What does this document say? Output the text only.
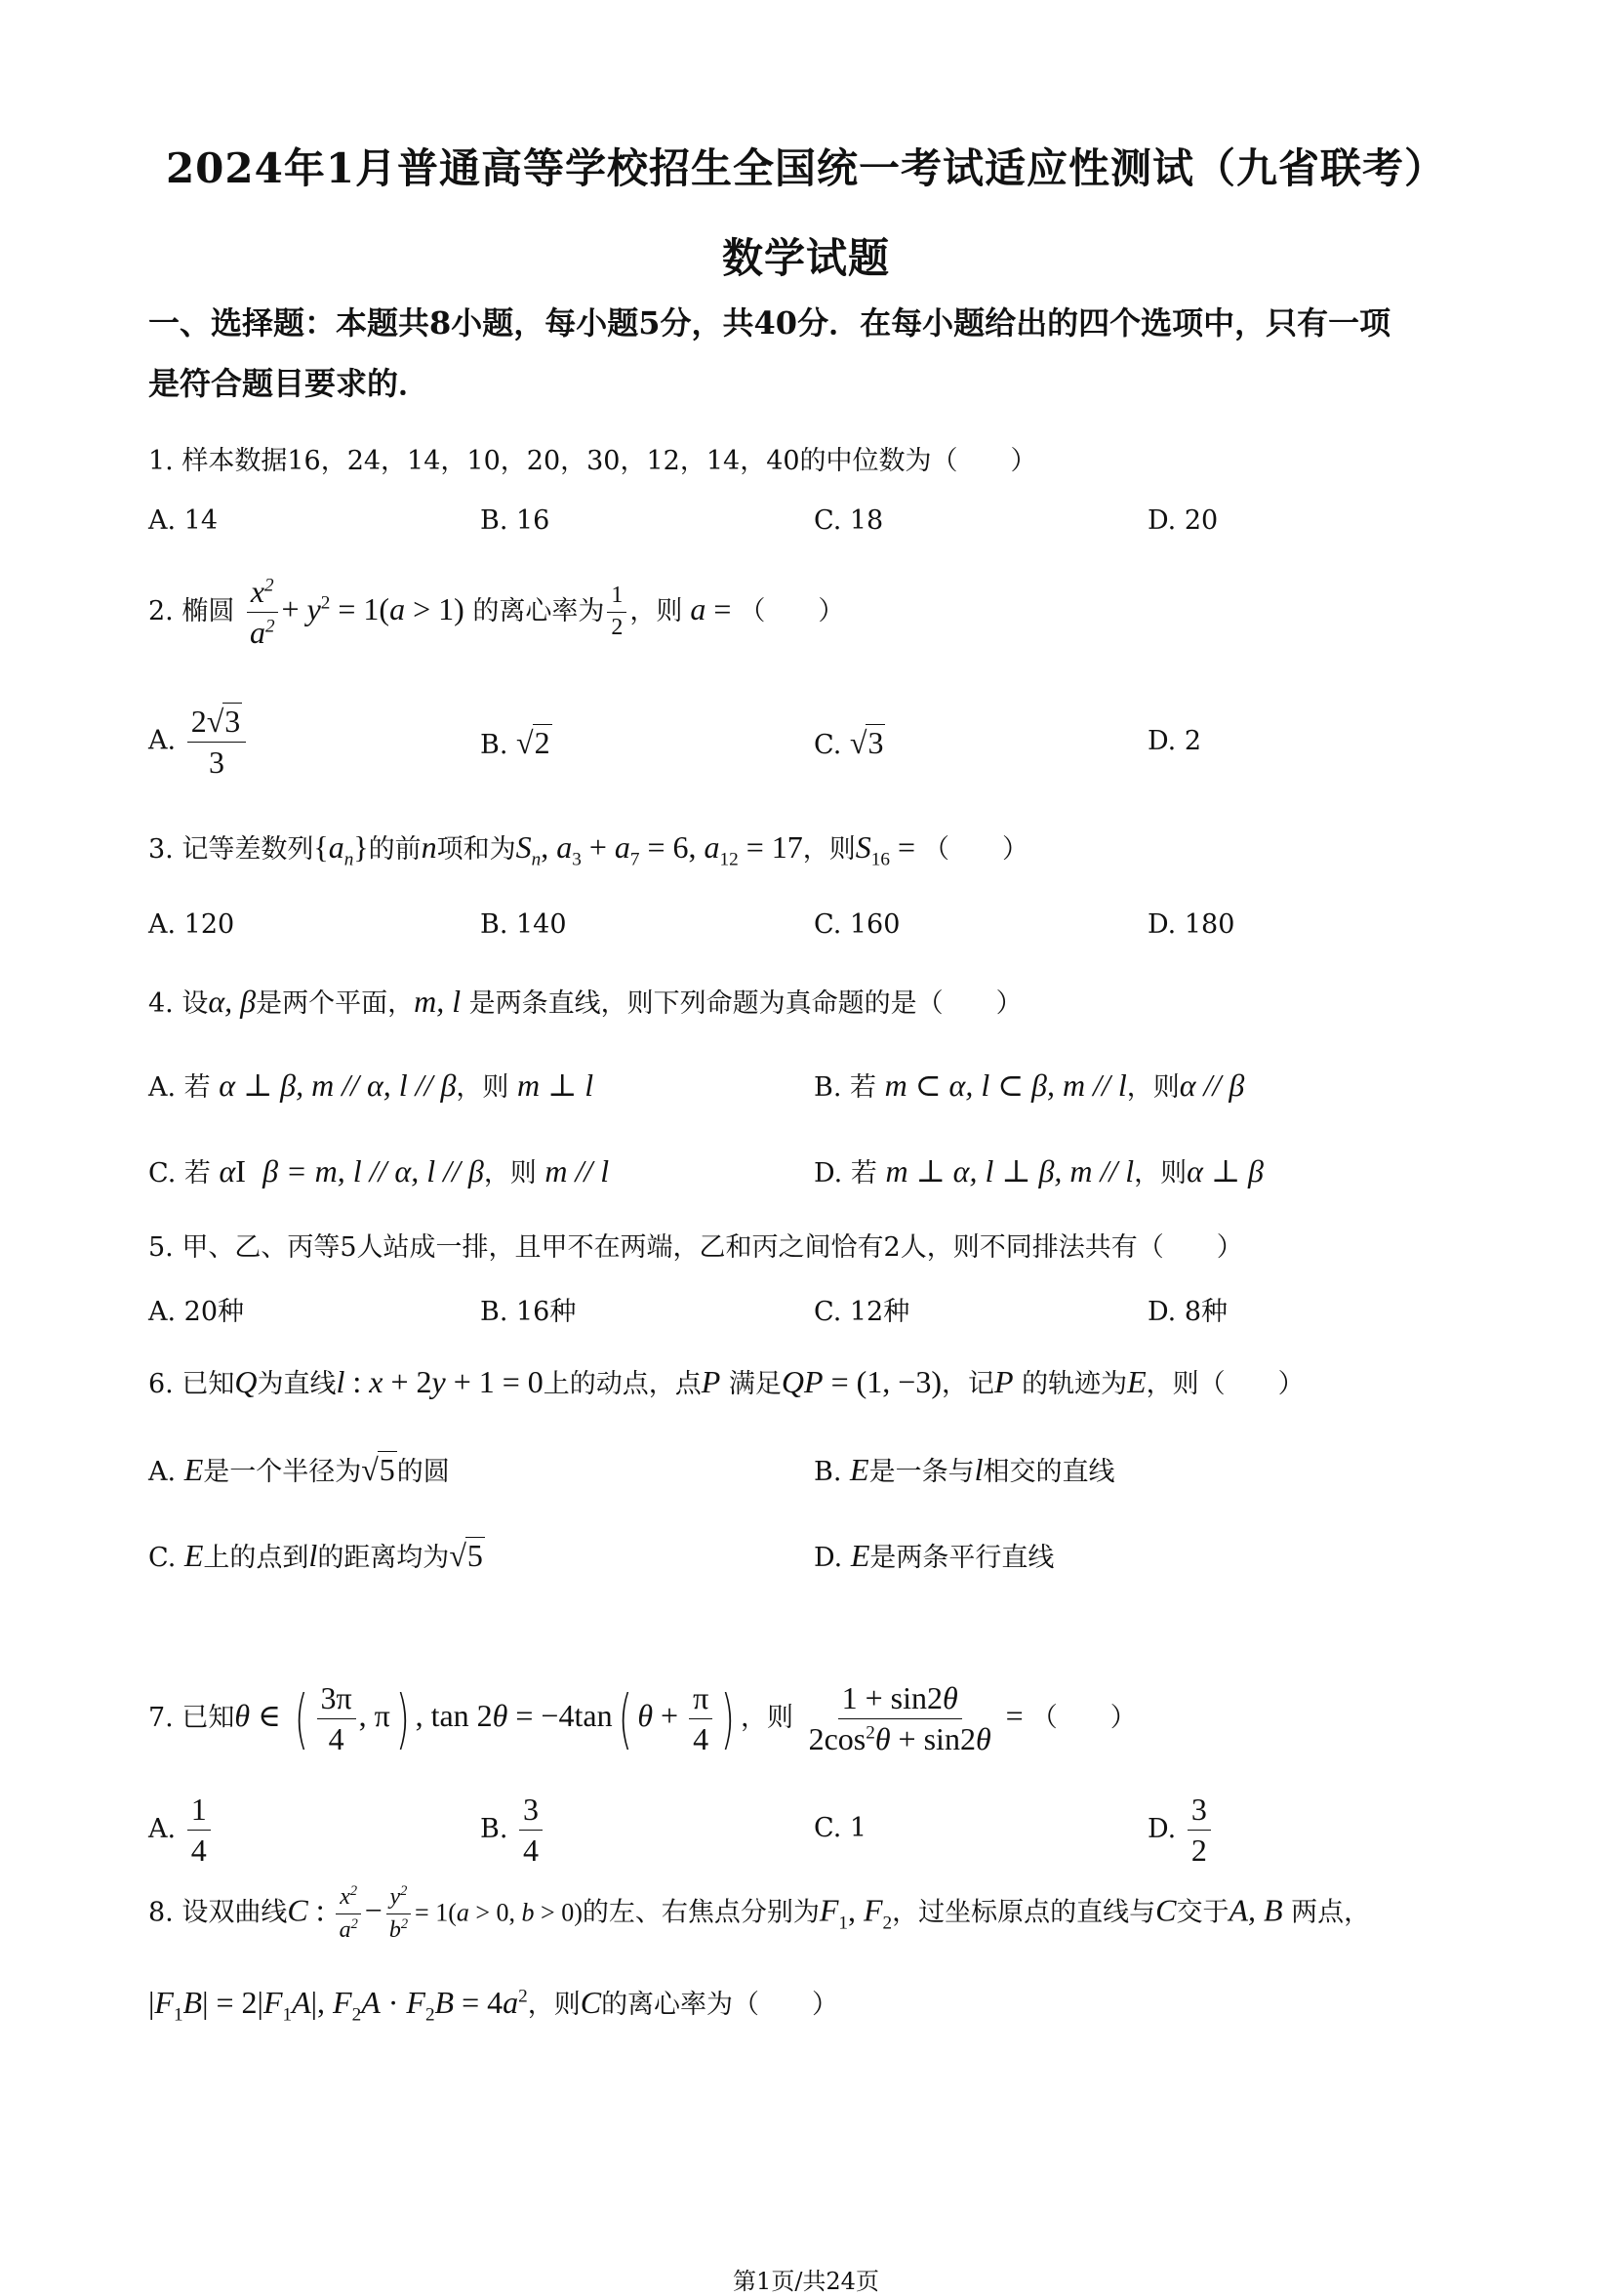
2024年1月普通高等学校招生全国统一考试适应性测试（九省联考）
数学试题
一、选择题：本题共8小题，每小题5分，共40分．在每小题给出的四个选项中，只有一项
是符合题目要求的．
1. 样本数据16，24，14，10，20，30，12，14，40的中位数为（　　）
A. 14	B. 16	C. 18	D. 20
2. 椭圆 $\frac{x^2}{a^2} + y^2 = 1(a > 1)$ 的离心率为 $\frac{1}{2}$ ，则 a = （　　）
A. $\frac{2√3}{3}$	B. √2	C. √3	D. 2
3. 记等差数列$\{a_n\}$的前n项和为$S_n$, $a_3 + a_7 = 6$, $a_{12} = 17$，则$S_{16}$ = （　　）
A. 120	B. 140	C. 160	D. 180
4. 设α, β是两个平面，m, l 是两条直线，则下列命题为真命题的是（　　）
A. 若 α ⊥ β, m // α, l // β，则 m ⊥ l	B. 若 m ⊂ α, l ⊂ β, m // l，则α // β
C. 若 αI β = m, l // α, l // β，则 m // l	D. 若 m ⊥ α, l ⊥ β, m // l，则α ⊥ β
5. 甲、乙、丙等5人站成一排，且甲不在两端，乙和丙之间恰有2人，则不同排法共有（　　）
A. 20种	B. 16种	C. 12种	D. 8种
6. 已知Q为直线l : x + 2y + 1 = 0上的动点，点P 满足QP = (1, −3)，记P 的轨迹为E，则（　　）
A. E是一个半径为√5的圆	B. E是一条与l相交的直线
C. E上的点到l的距离均为√5	D. E是两条平行直线
7. 已知θ ∈ ( $\frac{3\pi}{4}$ , π) , tan 2θ = −4tan( $\theta + \frac{\pi}{4}$ ) ，则 $\frac{1 + \sin 2\theta}{2\cos^2\theta + \sin 2\theta}$ = （　　）
A. $\frac{1}{4}$	B. $\frac{3}{4}$	C. 1	D. $\frac{3}{2}$
8. 设双曲线C : $\frac{x^2}{a^2} - \frac{y^2}{b^2} = 1(a > 0$, b > 0)的左、右焦点分别为$F_1$, $F_2$，过坐标原点的直线与C交于A, B 两点，
$|F_1B| = 2|F_1A|$, $F_2A \cdot F_2B = 4a^2$，则C的离心率为（　　）
第1页/共24页
